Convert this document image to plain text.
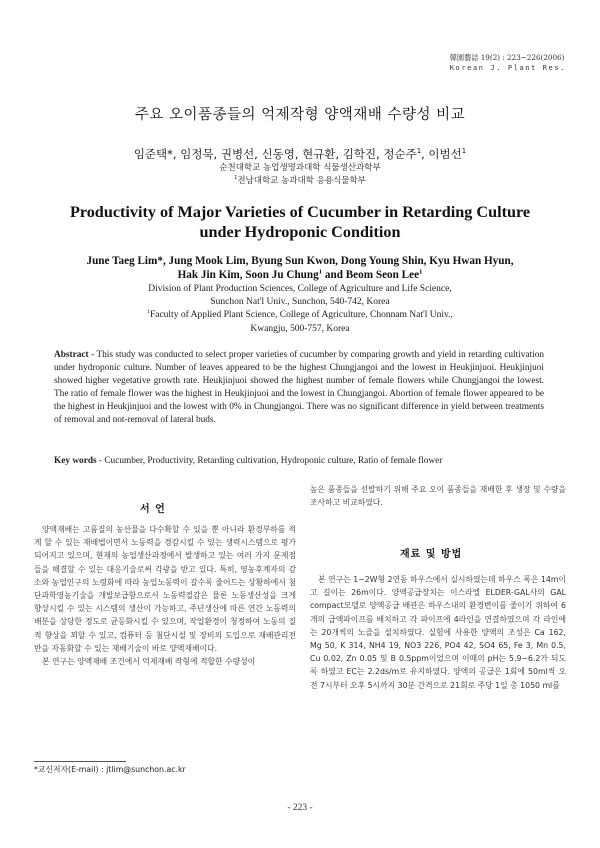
韓園藝誌 19(2) : 223~226(2006)
Korean J. Plant Res.
주요 오이품종들의 억제작형 양액재배 수량성 비교
임준택*, 임정묵, 권병선, 신동영, 현규환, 김학진, 정순주$^1$, 이범선$^1$
순천대학교 농업생명과대학 식물생산과학부
$^1$전남대학교 농과대학 응용식물학부
Productivity of Major Varieties of Cucumber in Retarding Culture
under Hydroponic Condition
June Taeg Lim*, Jung Mook Lim, Byung Sun Kwon, Dong Young Shin, Kyu Hwan Hyun,
Hak Jin Kim, Soon Ju Chung$^1$ and Beom Seon Lee$^1$
Division of Plant Production Sciences, College of Agriculture and Life Science,
Sunchon Nat'l Univ., Sunchon, 540-742, Korea
$^1$Faculty of Applied Plant Science, College of Agriculture, Chonnam Nat'l Univ.,
Kwangju, 500-757, Korea
Abstract - This study was conducted to select proper varieties of cucumber by comparing growth and yield in retarding cultivation under hydroponic culture. Number of leaves appeared to be the highest Chungjangoi and the lowest in Heukjinjuoi. Heukjinjuoi showed higher vegetative growth rate. Heukjinjuoi showed the highest number of female flowers while Chungjangoi the lowest. The ratio of female flower was the highest in Heukjinjuoi and the lowest in Chungjangoi. Abortion of female flower appeared to be the highest in Heukjinjuoi and the lowest with 0% in Chungjangoi. There was no significant difference in yield between treatments of removal and not-removal of lateral buds.
Key words - Cucumber, Productivity, Retarding cultivation, Hydroponic culture, Ratio of female flower
서 언

양액재배는 고품질의 농산물을 다수확할 수 있을 뿐 아니라 환경부하를 적게 할 수 있는 재배법이면서 노동력을 경감시킬 수 있는 생력시스템으로 평가되어지고 있으며, 현재의 농업생산과정에서 발생하고 있는 여러 가지 문제점들을 해결할 수 있는 대응기술로써 각광을 받고 있다. 특히, 영농후계자의 감소와 농업인구의 노령화에 따라 농업노동력이 갈수록 줄어드는 상황하에서 첨단과학영농기술을 개발보급함으로서 노동력절감은 물론 노동생산성을 크게 향상시킬 수 있는 시스템의 생산이 가능하고, 주년생산에 따른 연간 노동력의 배분을 상당한 정도로 균등화시킬 수 있으며, 작업환경이 청정하여 노동의 질적 향상을 꾀할 수 있고, 컴퓨터 등 첨단시설 및 장비의 도입으로 재배관리전반을 자동화할 수 있는 재배기술이 바로 양액재배이다.

본 연구는 양액재배 조건에서 억제재배 작형에 적합한 수량성이

높은 품종들을 선발하기 위해 주요 오이 품종들을 재배한 후 생장 및 수량을 조사하고 비교하였다.

재료 및 방법

본 연구는 1~2W형 2연동 하우스에서 실시하였는데 하우스 폭은 14m이고 길이는 26m이다. 양액공급장치는 이스라엘 ELDER-GAL사의 GAL compact모델로 양액공급 배관은 하우스내의 환경변이를 줄이기 위하여 6개의 급액파이프를 배치하고 각 파이프에 4라인을 연결하였으며 각 라인에는 20개씩의 노즐을 설치하였다. 실험에 사용한 양액의 조성은 Ca 162, Mg 50, K 314, NH4 19, NO3 226, PO4 42, SO4 65, Fe 3, Mn 0.5, Cu 0.02, Zn 0.05 및 B 0.5ppm이었으며 이때의 pH는 5.9~6.2가 되도록 하였고 EC는 2.2ds/m로 유지하였다. 양액의 공급은 1회에 50ml씩 오전 7시부터 오후 5시까지 30분 간격으로 21회로 주당 1일 총 1050 ml를

*교신저자(E-mail) : jtlim@sunchon.ac.kr
- 223 -
